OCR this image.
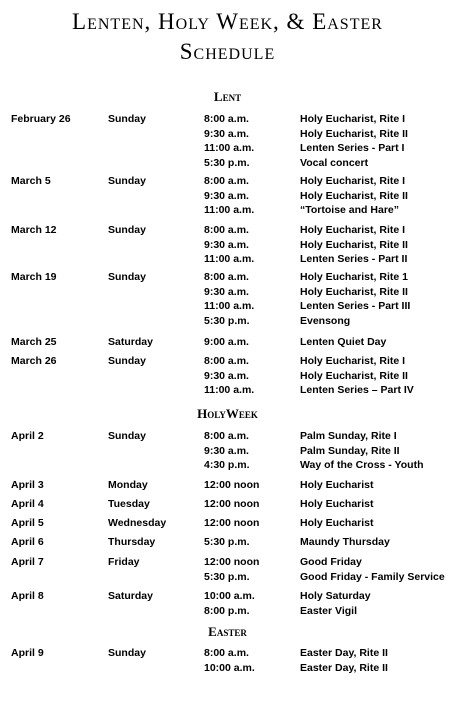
Lenten, Holy Week, & Easter
Schedule
Lent
HolyWeek
Easter
February 26	Sunday	8:00 a.m.	Holy Eucharist, Rite I
9:30 a.m.	Holy Eucharist, Rite II
11:00 a.m.	Lenten Series - Part I
5:30 p.m.	Vocal concert
March 5	Sunday	8:00 a.m.	Holy Eucharist, Rite I
9:30 a.m.	Holy Eucharist, Rite II
11:00 a.m.	“Tortoise and Hare”
March 12	Sunday	8:00 a.m.	Holy Eucharist, Rite I
9:30 a.m.	Holy Eucharist, Rite II
11:00 a.m.	Lenten Series - Part II
March 19	Sunday	8:00 a.m.	Holy Eucharist, Rite 1
9:30 a.m.	Holy Eucharist, Rite II
11:00 a.m.	Lenten Series - Part III
5:30 p.m.	Evensong
March 25	Saturday	9:00 a.m.	Lenten Quiet Day
March 26	Sunday	8:00 a.m.	Holy Eucharist, Rite I
9:30 a.m.	Holy Eucharist, Rite II
11:00 a.m.	Lenten Series – Part IV
April 2	Sunday	8:00 a.m.	Palm Sunday, Rite I
9:30 a.m.	Palm Sunday, Rite II
4:30 p.m.	Way of the Cross - Youth
April 3	Monday	12:00 noon	Holy Eucharist
April 4	Tuesday	12:00 noon	Holy Eucharist
April 5	Wednesday	12:00 noon	Holy Eucharist
April 6	Thursday	5:30 p.m.	Maundy Thursday
April 7	Friday	12:00 noon	Good Friday
5:30 p.m.	Good Friday - Family Service
April 8	Saturday	10:00 a.m.	Holy Saturday
8:00 p.m.	Easter Vigil
April 9	Sunday	8:00 a.m.	Easter Day, Rite II
10:00 a.m.	Easter Day, Rite II
